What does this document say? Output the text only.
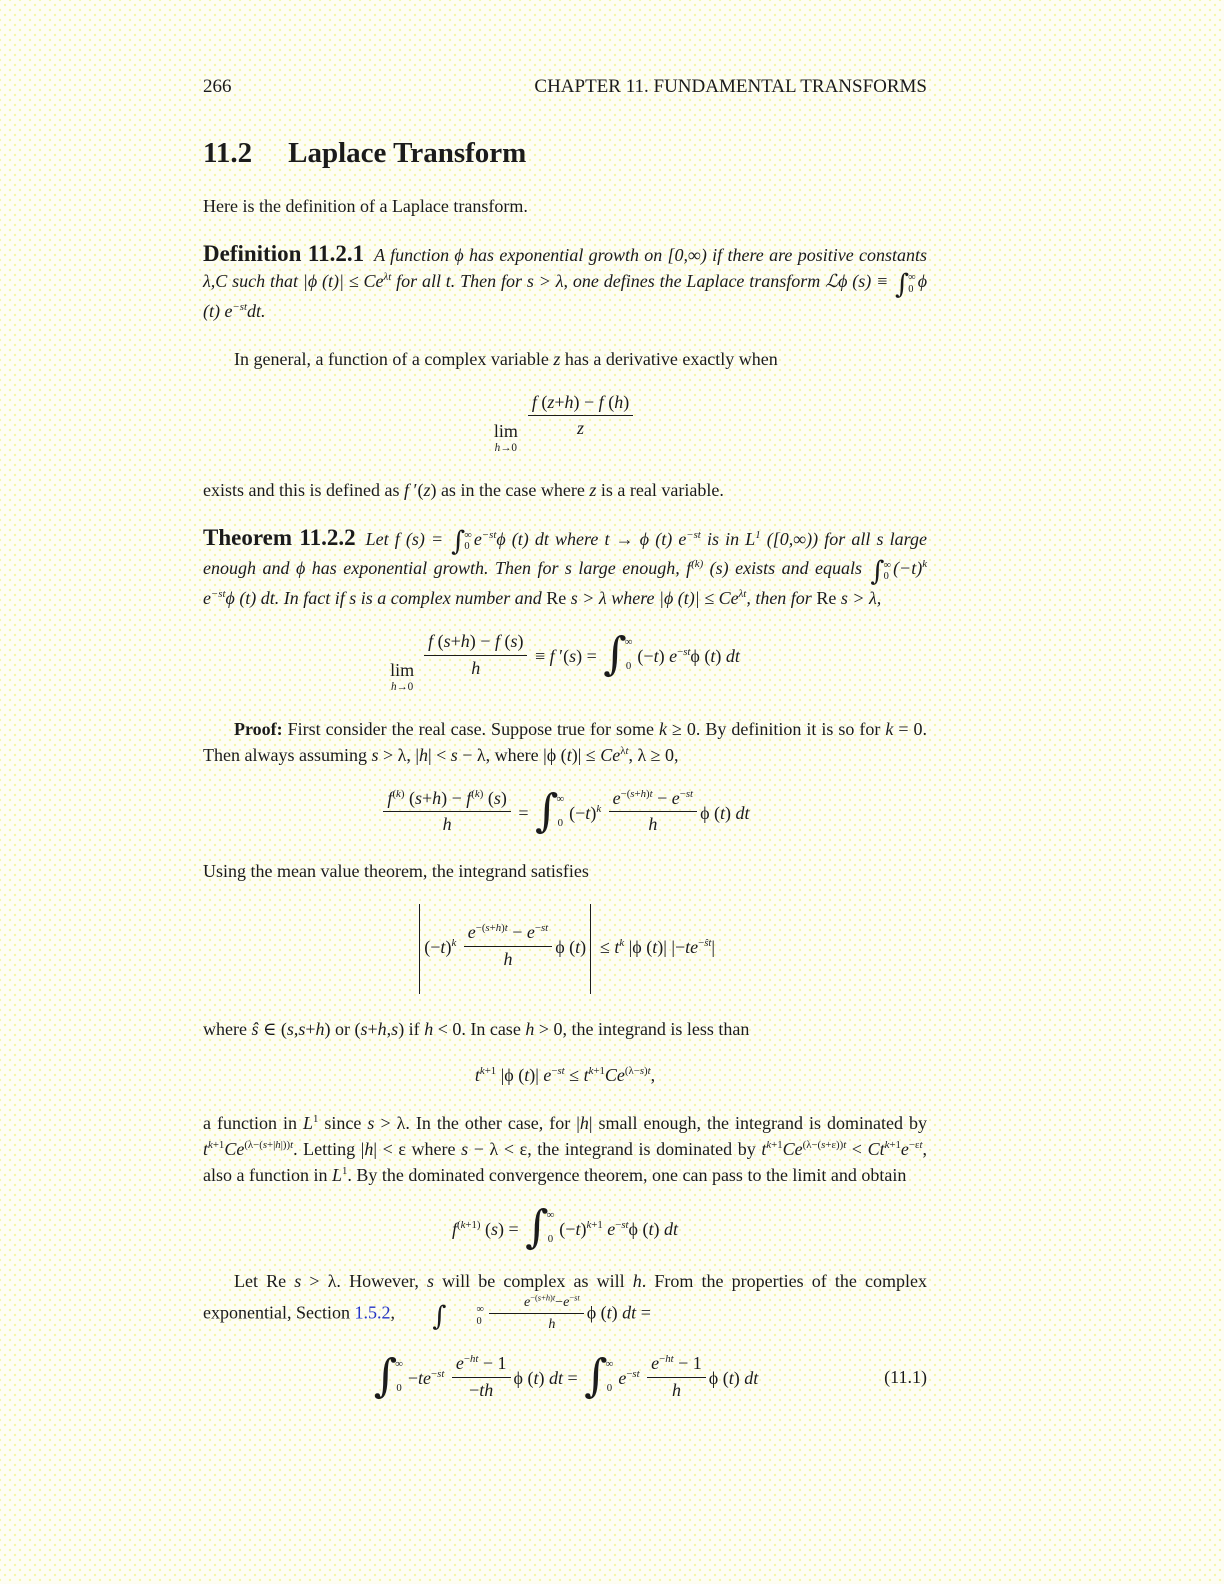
266	CHAPTER 11. FUNDAMENTAL TRANSFORMS
11.2 Laplace Transform

Here is the definition of a Laplace transform.

Definition 11.2.1 A function ϕ has exponential growth on [0,∞) if there are positive constants λ,C such that |ϕ $(t)| \le Ce^{\lambda t}$ for all t. Then for s > λ, one defines the Laplace transform ℒϕ (s) ≡ ∫ ∞
0 ϕ (t) $e^{-st}dt$.

In general, a function of a complex variable z has a derivative exactly when

lim
h→0
$\frac{f (z+h) - f (h)}{z}$

exists and this is defined as f ′(z) as in the case where z is a real variable.

Theorem 11.2.2 Let f (s) = ∫ ∞
0 $e^{-st}\phi$ (t) dt where t → ϕ (t) $e^{-st}$ is in $L^1$ ([0,∞)) for all s large enough and ϕ has exponential growth. Then for s large enough, $f^{(k)}$ (s) exists and equals ∫ ∞
0 $(-t)^k$ $e^{-st}\phi$ (t) dt. In fact if s is a complex number and Re s > λ where |ϕ $(t)| \le Ce^{\lambda t}$, then for Re s > λ,

lim
h→0
$\frac{f (s+h) - f (s)}{h} \equiv f$ ′(s) = ∫
∞
0 (−t) $e^{-st}\phi$ (t) dt

Proof: First consider the real case. Suppose true for some k ≥ 0. By definition it is so for k = 0. Then always assuming s > λ, |h| < s − λ, where |ϕ $(t)| \le Ce^{\lambda t}$, λ ≥ 0,

$\frac{f^{(k)} (s+h) - f^{(k)} (s)}{h}$ = ∫
∞
0 $(-t)^k \frac{e^{-(s+h)t} - e^{-st}}{h}$ ϕ (t) dt

Using the mean value theorem, the integrand satisfies

$(-t)^k \frac{e^{-(s+h)t} - e^{-st}}{h}$ ϕ $(t) \le t^k$ |ϕ (t)| $|-te^{-ŝt}|$

where ŝ ∈ (s,s+h) or (s+h,s) if h < 0. In case h > 0, the integrand is less than

$t^{k+1}$ |ϕ (t)| $e^{-st} \le t^{k+1}Ce^{(\lambda-s)t}$,

a function in $L^1$ since s > λ. In the other case, for |h| small enough, the integrand is dominated by $t^{k+1}Ce^{(\lambda-(s+|h|))t}$. Letting |h| < ε where s − λ < ε, the integrand is dominated by $t^{k+1}Ce^{(\lambda-(s+\varepsilon))t} < Ct^{k+1}e^{-\varepsilon t}$, also a function in $L^1$. By the dominated convergence theorem, one can pass to the limit and obtain

$f^{(k+1)}$ (s) = ∫
∞
0 $(-t)^{k+1}$ $e^{-st}\phi$ (t) dt

Let Re s > λ. However, s will be complex as will h. From the properties of the complex exponential, Section 1.5.2,	∫	∞
$0 \frac{e^{-(s+h)t}-e^{-st}}{h}$ ϕ (t) dt =

∫
∞
$0 -te^{-st} \frac{e^{-ht} - 1}{-th}$ ϕ (t) dt = ∫
∞
0 $e^{-st} \frac{e^{-ht} - 1}{h}$ ϕ (t) dt	(11.1)
